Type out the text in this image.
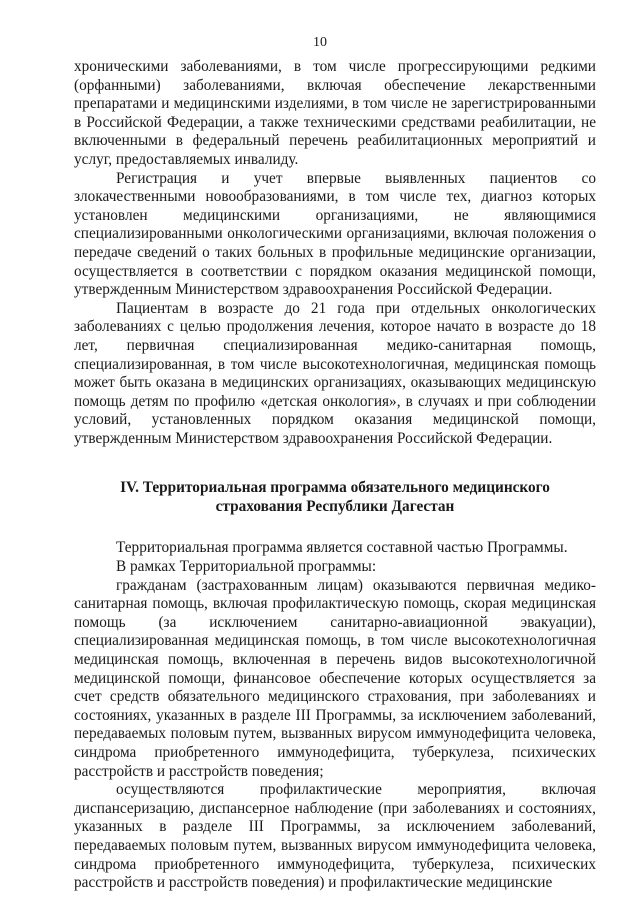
10

хроническими заболеваниями, в том числе прогрессирующими редкими (орфанными) заболеваниями, включая обеспечение лекарственными препаратами и медицинскими изделиями, в том числе не зарегистрированными в Российской Федерации, а также техническими средствами реабилитации, не включенными в федеральный перечень реабилитационных мероприятий и услуг, предоставляемых инвалиду.

Регистрация и учет впервые выявленных пациентов со злокачественными новообразованиями, в том числе тех, диагноз которых установлен медицинскими организациями, не являющимися специализированными онкологическими организациями, включая положения о передаче сведений о таких больных в профильные медицинские организации, осуществляется в соответствии с порядком оказания медицинской помощи, утвержденным Министерством здравоохранения Российской Федерации.

Пациентам в возрасте до 21 года при отдельных онкологических заболеваниях с целью продолжения лечения, которое начато в возрасте до 18 лет, первичная специализированная медико-санитарная помощь, специализированная, в том числе высокотехнологичная, медицинская помощь может быть оказана в медицинских организациях, оказывающих медицинскую помощь детям по профилю «детская онкология», в случаях и при соблюдении условий, установленных порядком оказания медицинской помощи, утвержденным Министерством здравоохранения Российской Федерации.

IV. Территориальная программа обязательного медицинского
страхования Республики Дагестан

Территориальная программа является составной частью Программы.

В рамках Территориальной программы:

гражданам (застрахованным лицам) оказываются первичная медико-санитарная помощь, включая профилактическую помощь, скорая медицинская помощь (за исключением санитарно-авиационной эвакуации), специализированная медицинская помощь, в том числе высокотехнологичная медицинская помощь, включенная в перечень видов высокотехнологичной медицинской помощи, финансовое обеспечение которых осуществляется за счет средств обязательного медицинского страхования, при заболеваниях и состояниях, указанных в разделе III Программы, за исключением заболеваний, передаваемых половым путем, вызванных вирусом иммунодефицита человека, синдрома приобретенного иммунодефицита, туберкулеза, психических расстройств и расстройств поведения;

осуществляются профилактические мероприятия, включая диспансеризацию, диспансерное наблюдение (при заболеваниях и состояниях, указанных в разделе III Программы, за исключением заболеваний, передаваемых половым путем, вызванных вирусом иммунодефицита человека, синдрома приобретенного иммунодефицита, туберкулеза, психических расстройств и расстройств поведения) и профилактические медицинские
